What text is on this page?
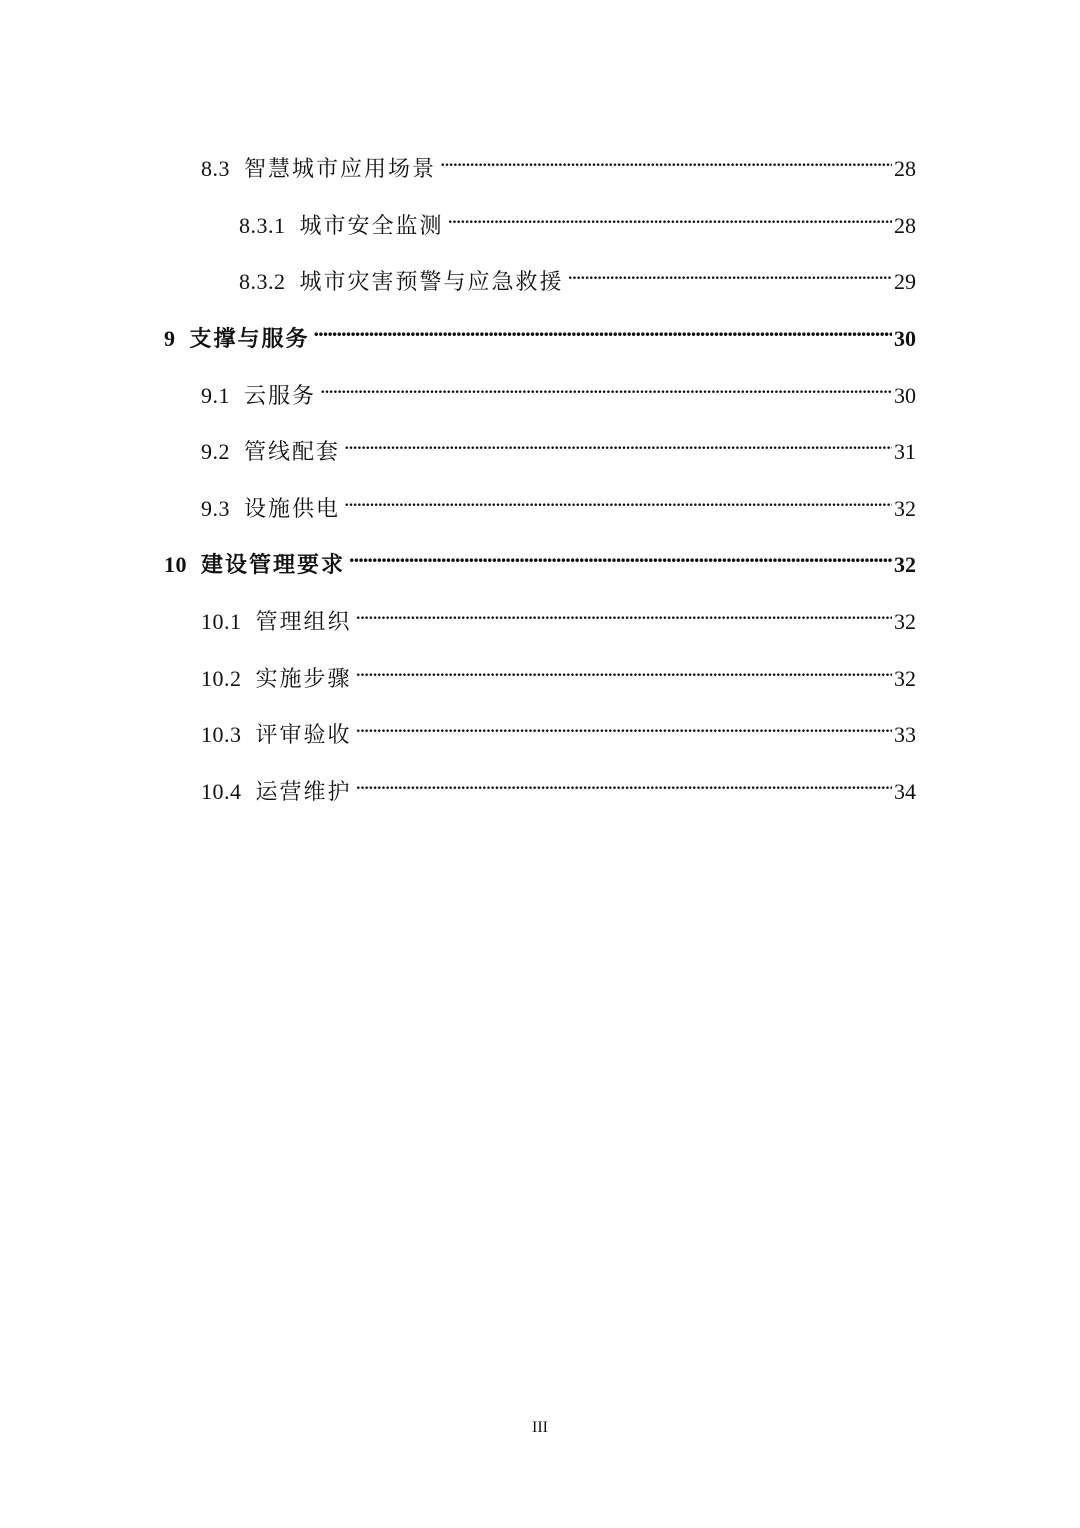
8.3 智慧城市应用场景 . . .	28
8.3.1 城市安全监测 . . .	28
8.3.2 城市灾害预警与应急救援 . . .	29
9 支撑与服务 . . .	30
9.1 云服务 . . .	30
9.2 管线配套 . . .	31
9.3 设施供电 . . .	32
10 建设管理要求 . . .	32
10.1 管理组织 . . .	32
10.2 实施步骤 . . .	32
10.3 评审验收 . . .	33
10.4 运营维护 . . .	34
III
